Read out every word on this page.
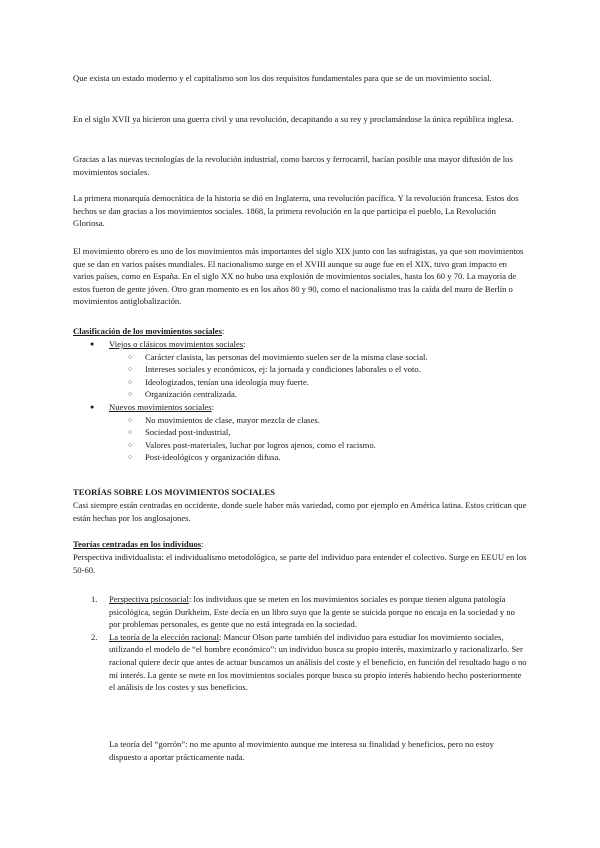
Que exista un estado moderno y el capitalismo son los dos requisitos fundamentales para que se de un movimiento social.

En el siglo XVII ya hicieron una guerra civil y una revolución, decapitando a su rey y proclamándose la única república inglesa.

Gracias a las nuevas tecnologías de la revolución industrial, como barcos y ferrocarril, hacían posible una mayor difusión de los movimientos sociales.

La primera monarquía democrática de la historia se dió en Inglaterra, una revolución pacífica. Y la revolución francesa. Estos dos hechos se dan gracias a los movimientos sociales. 1868, la primera revolución en la que participa el pueblo, La Revolución Gloriosa.

El movimiento obrero es uno de los movimientos más importantes del siglo XIX junto con las sufragistas, ya que son movimientos que se dan en varios países mundiales. El nacionalismo surge en el XVIII aunque su auge fue en el XIX, tuvo gran impacto en varios países, como en España. En el siglo XX no hubo una explosión de movimientos sociales, hasta los 60 y 70. La mayoría de estos fueron de gente jóven. Otro gran momento es en los años 80 y 90, como el nacionalismo tras la caída del muro de Berlín o movimientos antiglobalización.

Clasificación de los movimientos sociales:

● Viejos o clásicos movimientos sociales:
○ Carácter clasista, las personas del movimiento suelen ser de la misma clase social.
○ Intereses sociales y económicos, ej: la jornada y condiciones laborales o el voto.
○ Ideologizados, tenían una ideología muy fuerte.
○ Organización centralizada.
● Nuevos movimientos sociales:
○ No movimientos de clase, mayor mezcla de clases.
○ Sociedad post-industrial,
○ Valores post-materiales, luchar por logros ajenos, como el racismo.
○ Post-ideológicos y organización difusa.

TEORÍAS SOBRE LOS MOVIMIENTOS SOCIALES

Casi siempre están centradas en occidente, donde suele haber más variedad, como por ejemplo en América latina. Estos critican que están hechas por los anglosajones.

Teorías centradas en los individuos:

Perspectiva individualista: el individualismo metodológico, se parte del individuo para entender el colectivo. Surge en EEUU en los 50-60.

1. Perspectiva psicosocial: los individuos que se meten en los movimientos sociales es porque tienen alguna patología psicológica, según Durkheim. Este decía en un libro suyo que la gente se suicida porque no encaja en la sociedad y no por problemas personales, es gente que no está integrada en la sociedad.
2. La teoría de la elección racional: Mancur Olson parte también del individuo para estudiar los movimiento sociales, utilizando el modelo de “el hombre económico”: un individuo busca su propio interés, maximizarlo y racionalizarlo. Ser racional quiere decir que antes de actuar buscamos un análisis del coste y el beneficio, en función del resultado hago o no mi interés. La gente se mete en los movimientos sociales porque busca su propio interés habiendo hecho posteriormente el análisis de los costes y sus beneficios.

La teoría del “gorrón”: no me apunto al movimiento aunque me interesa su finalidad y beneficios, pero no estoy dispuesto a aportar prácticamente nada.
